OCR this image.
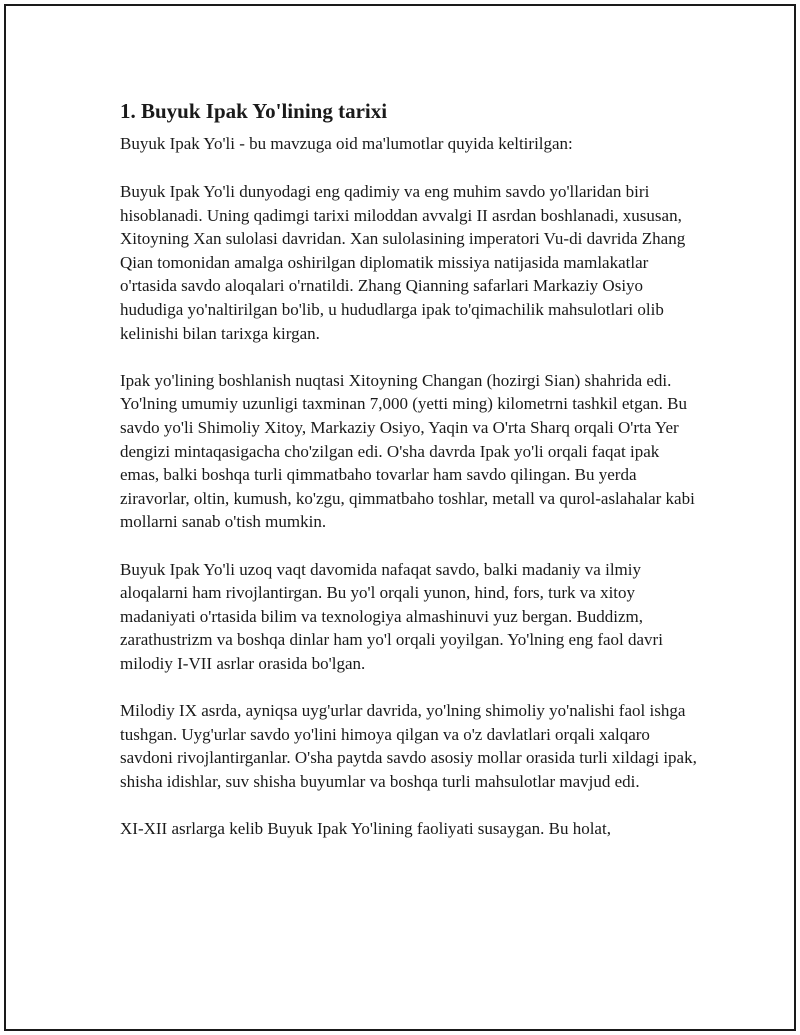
1. Buyuk Ipak Yo'lining tarixi

Buyuk Ipak Yo'li - bu mavzuga oid ma'lumotlar quyida keltirilgan:

Buyuk Ipak Yo'li dunyodagi eng qadimiy va eng muhim savdo yo'llaridan biri hisoblanadi. Uning qadimgi tarixi miloddan avvalgi II asrdan boshlanadi, xususan, Xitoyning Xan sulolasi davridan. Xan sulolasining imperatori Vu-di davrida Zhang Qian tomonidan amalga oshirilgan diplomatik missiya natijasida mamlakatlar o'rtasida savdo aloqalari o'rnatildi. Zhang Qianning safarlari Markaziy Osiyo hududiga yo'naltirilgan bo'lib, u hududlarga ipak to'qimachilik mahsulotlari olib kelinishi bilan tarixga kirgan.

Ipak yo'lining boshlanish nuqtasi Xitoyning Changan (hozirgi Sian) shahrida edi. Yo'lning umumiy uzunligi taxminan 7,000 (yetti ming) kilometrni tashkil etgan. Bu savdo yo'li Shimoliy Xitoy, Markaziy Osiyo, Yaqin va O'rta Sharq orqali O'rta Yer dengizi mintaqasigacha cho'zilgan edi. O'sha davrda Ipak yo'li orqali faqat ipak emas, balki boshqa turli qimmatbaho tovarlar ham savdo qilingan. Bu yerda ziravorlar, oltin, kumush, ko'zgu, qimmatbaho toshlar, metall va qurol-aslahalar kabi mollarni sanab o'tish mumkin.

Buyuk Ipak Yo'li uzoq vaqt davomida nafaqat savdo, balki madaniy va ilmiy aloqalarni ham rivojlantirgan. Bu yo'l orqali yunon, hind, fors, turk va xitoy madaniyati o'rtasida bilim va texnologiya almashinuvi yuz bergan. Buddizm, zarathustrizm va boshqa dinlar ham yo'l orqali yoyilgan. Yo'lning eng faol davri milodiy I-VII asrlar orasida bo'lgan.

Milodiy IX asrda, ayniqsa uyg'urlar davrida, yo'lning shimoliy yo'nalishi faol ishga tushgan. Uyg'urlar savdo yo'lini himoya qilgan va o'z davlatlari orqali xalqaro savdoni rivojlantirganlar. O'sha paytda savdo asosiy mollar orasida turli xildagi ipak, shisha idishlar, suv shisha buyumlar va boshqa turli mahsulotlar mavjud edi.

XI-XII asrlarga kelib Buyuk Ipak Yo'lining faoliyati susaygan. Bu holat,
